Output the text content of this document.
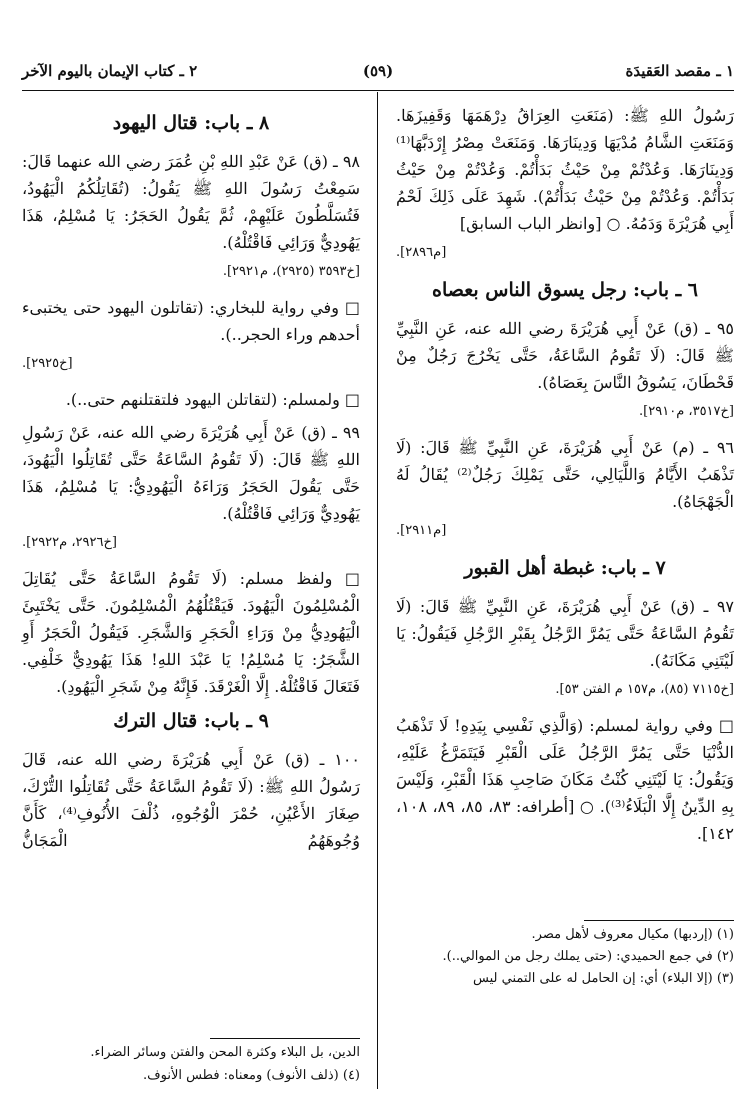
١ ـ مقصد العَقيدَة
(٥٩)
٢ ـ كتاب الإيمان باليوم الآخر

رَسُولُ اللهِ ﷺ: (مَنَعَتِ العِرَاقُ دِرْهَمَهَا وَقَفِيزَهَا. وَمَنَعَتِ الشَّامُ مُدْيَهَا وَدِينَارَهَا. وَمَنَعَتْ مِصْرُ إِرْدَبَّهَا⁽¹⁾ وَدِينَارَهَا. وَعُدْتُمْ مِنْ حَيْثُ بَدَأْتُمْ. وَعُدْتُمْ مِنْ حَيْثُ بَدَأْتُمْ. وَعُدْتُمْ مِنْ حَيْثُ بَدَأْتُمْ). شَهِدَ عَلَى ذَلِكَ لَحْمُ أَبِي هُرَيْرَةَ وَدَمُهُ. ○ [وانظر الباب السابق]

[م٢٨٩٦].
٦ ـ باب: رجل يسوق الناس بعصاه

٩٥ ـ (ق) عَنْ أَبِي هُرَيْرَةَ رضي الله عنه، عَنِ النَّبِيِّ ﷺ قَالَ: (لَا تَقُومُ السَّاعَةُ، حَتَّى يَخْرُجَ رَجُلٌ مِنْ قَحْطَانَ، يَسُوقُ النَّاسَ بِعَصَاهُ).

[خ٣٥١٧، م٢٩١٠].

٩٦ ـ (م) عَنْ أَبِي هُرَيْرَةَ، عَنِ النَّبِيِّ ﷺ قَالَ: (لَا تَذْهَبُ الأَيَّامُ وَاللَّيَالِي، حَتَّى يَمْلِكَ رَجُلٌ⁽²⁾ يُقَالُ لَهُ الْجَهْجَاهُ).

[م٢٩١١].
٧ ـ باب: غبطة أهل القبور

٩٧ ـ (ق) عَنْ أَبِي هُرَيْرَةَ، عَنِ النَّبِيِّ ﷺ قَالَ: (لَا تَقُومُ السَّاعَةُ حَتَّى يَمُرَّ الرَّجُلُ بِقَبْرِ الرَّجُلِ فَيَقُولُ: يَا لَيْتَنِي مَكَانَهُ).

[خ٧١١٥ (٨٥)، م١٥٧ م الفتن ٥٣].

□ وفي رواية لمسلم: (وَالَّذِي نَفْسِي بِيَدِهِ! لَا تَذْهَبُ الدُّنْيَا حَتَّى يَمُرَّ الرَّجُلُ عَلَى الْقَبْرِ فَيَتَمَرَّغُ عَلَيْهِ، وَيَقُولُ: يَا لَيْتَنِي كُنْتُ مَكَانَ صَاحِبِ هَذَا الْقَبْرِ، وَلَيْسَ بِهِ الدِّينُ إِلَّا الْبَلَاءُ⁽³⁾). ○ [أطرافه: ٨٣، ٨٥، ٨٩، ١٠٨، ١٤٢].

٨ ـ باب: قتال اليهود

٩٨ ـ (ق) عَنْ عَبْدِ اللهِ بْنِ عُمَرَ رضي الله عنهما قَالَ: سَمِعْتُ رَسُولَ اللهِ ﷺ يَقُولُ: (تُقَاتِلُكُمُ الْيَهُودُ، فَتُسَلَّطُونَ عَلَيْهِمْ، ثُمَّ يَقُولُ الحَجَرُ: يَا مُسْلِمُ، هَذَا يَهُودِيٌّ وَرَائِي فَاقْتُلْهُ).

[خ٣٥٩٣ (٢٩٢٥)، م٢٩٢١].

□ وفي رواية للبخاري: (تقاتلون اليهود حتى يختبىء أحدهم وراء الحجر..).

[خ٢٩٢٥].

□ ولمسلم: (لتقاتلن اليهود فلتقتلنهم حتى..).

٩٩ ـ (ق) عَنْ أَبِي هُرَيْرَةَ رضي الله عنه، عَنْ رَسُولِ اللهِ ﷺ قَالَ: (لَا تَقُومُ السَّاعَةُ حَتَّى تُقَاتِلُوا الْيَهُودَ، حَتَّى يَقُولَ الحَجَرُ وَرَاءَهُ الْيَهُودِيُّ: يَا مُسْلِمُ، هَذَا يَهُودِيٌّ وَرَائِي فَاقْتُلْهُ).

[خ٢٩٢٦، م٢٩٢٢].

□ ولفظ مسلم: (لَا تَقُومُ السَّاعَةُ حَتَّى يُقَاتِلَ الْمُسْلِمُونَ الْيَهُودَ. فَيَقْتُلُهُمُ الْمُسْلِمُونَ. حَتَّى يَخْتَبِئَ الْيَهُودِيُّ مِنْ وَرَاءِ الْحَجَرِ وَالشَّجَرِ. فَيَقُولُ الْحَجَرُ أَوِ الشَّجَرُ: يَا مُسْلِمُ! يَا عَبْدَ اللهِ! هَذَا يَهُودِيٌّ خَلْفِي. فَتَعَالَ فَاقْتُلْهُ. إِلَّا الْغَرْقَدَ. فَإِنَّهُ مِنْ شَجَرِ الْيَهُودِ).

٩ ـ باب: قتال الترك

١٠٠ ـ (ق) عَنْ أَبِي هُرَيْرَةَ رضي الله عنه، قَالَ رَسُولُ اللهِ ﷺ: (لَا تَقُومُ السَّاعَةُ حَتَّى تُقَاتِلُوا التُّرْكَ، صِغَارَ الأَعْيُنِ، حُمْرَ الْوُجُوهِ، ذُلْفَ الأُنُوفِ⁽⁴⁾، كَأَنَّ وُجُوهَهُمُ الْمَجَانُّ

(١) (إردبها) مكيال معروف لأهل مصر.
(٢) في جمع الحميدي: (حتى يملك رجل من الموالي..).
(٣) (إلا البلاء) أي: إن الحامل له على التمني ليس
الدين، بل البلاء وكثرة المحن والفتن وسائر الضراء.
(٤) (ذلف الأنوف) ومعناه: فطس الأنوف.
